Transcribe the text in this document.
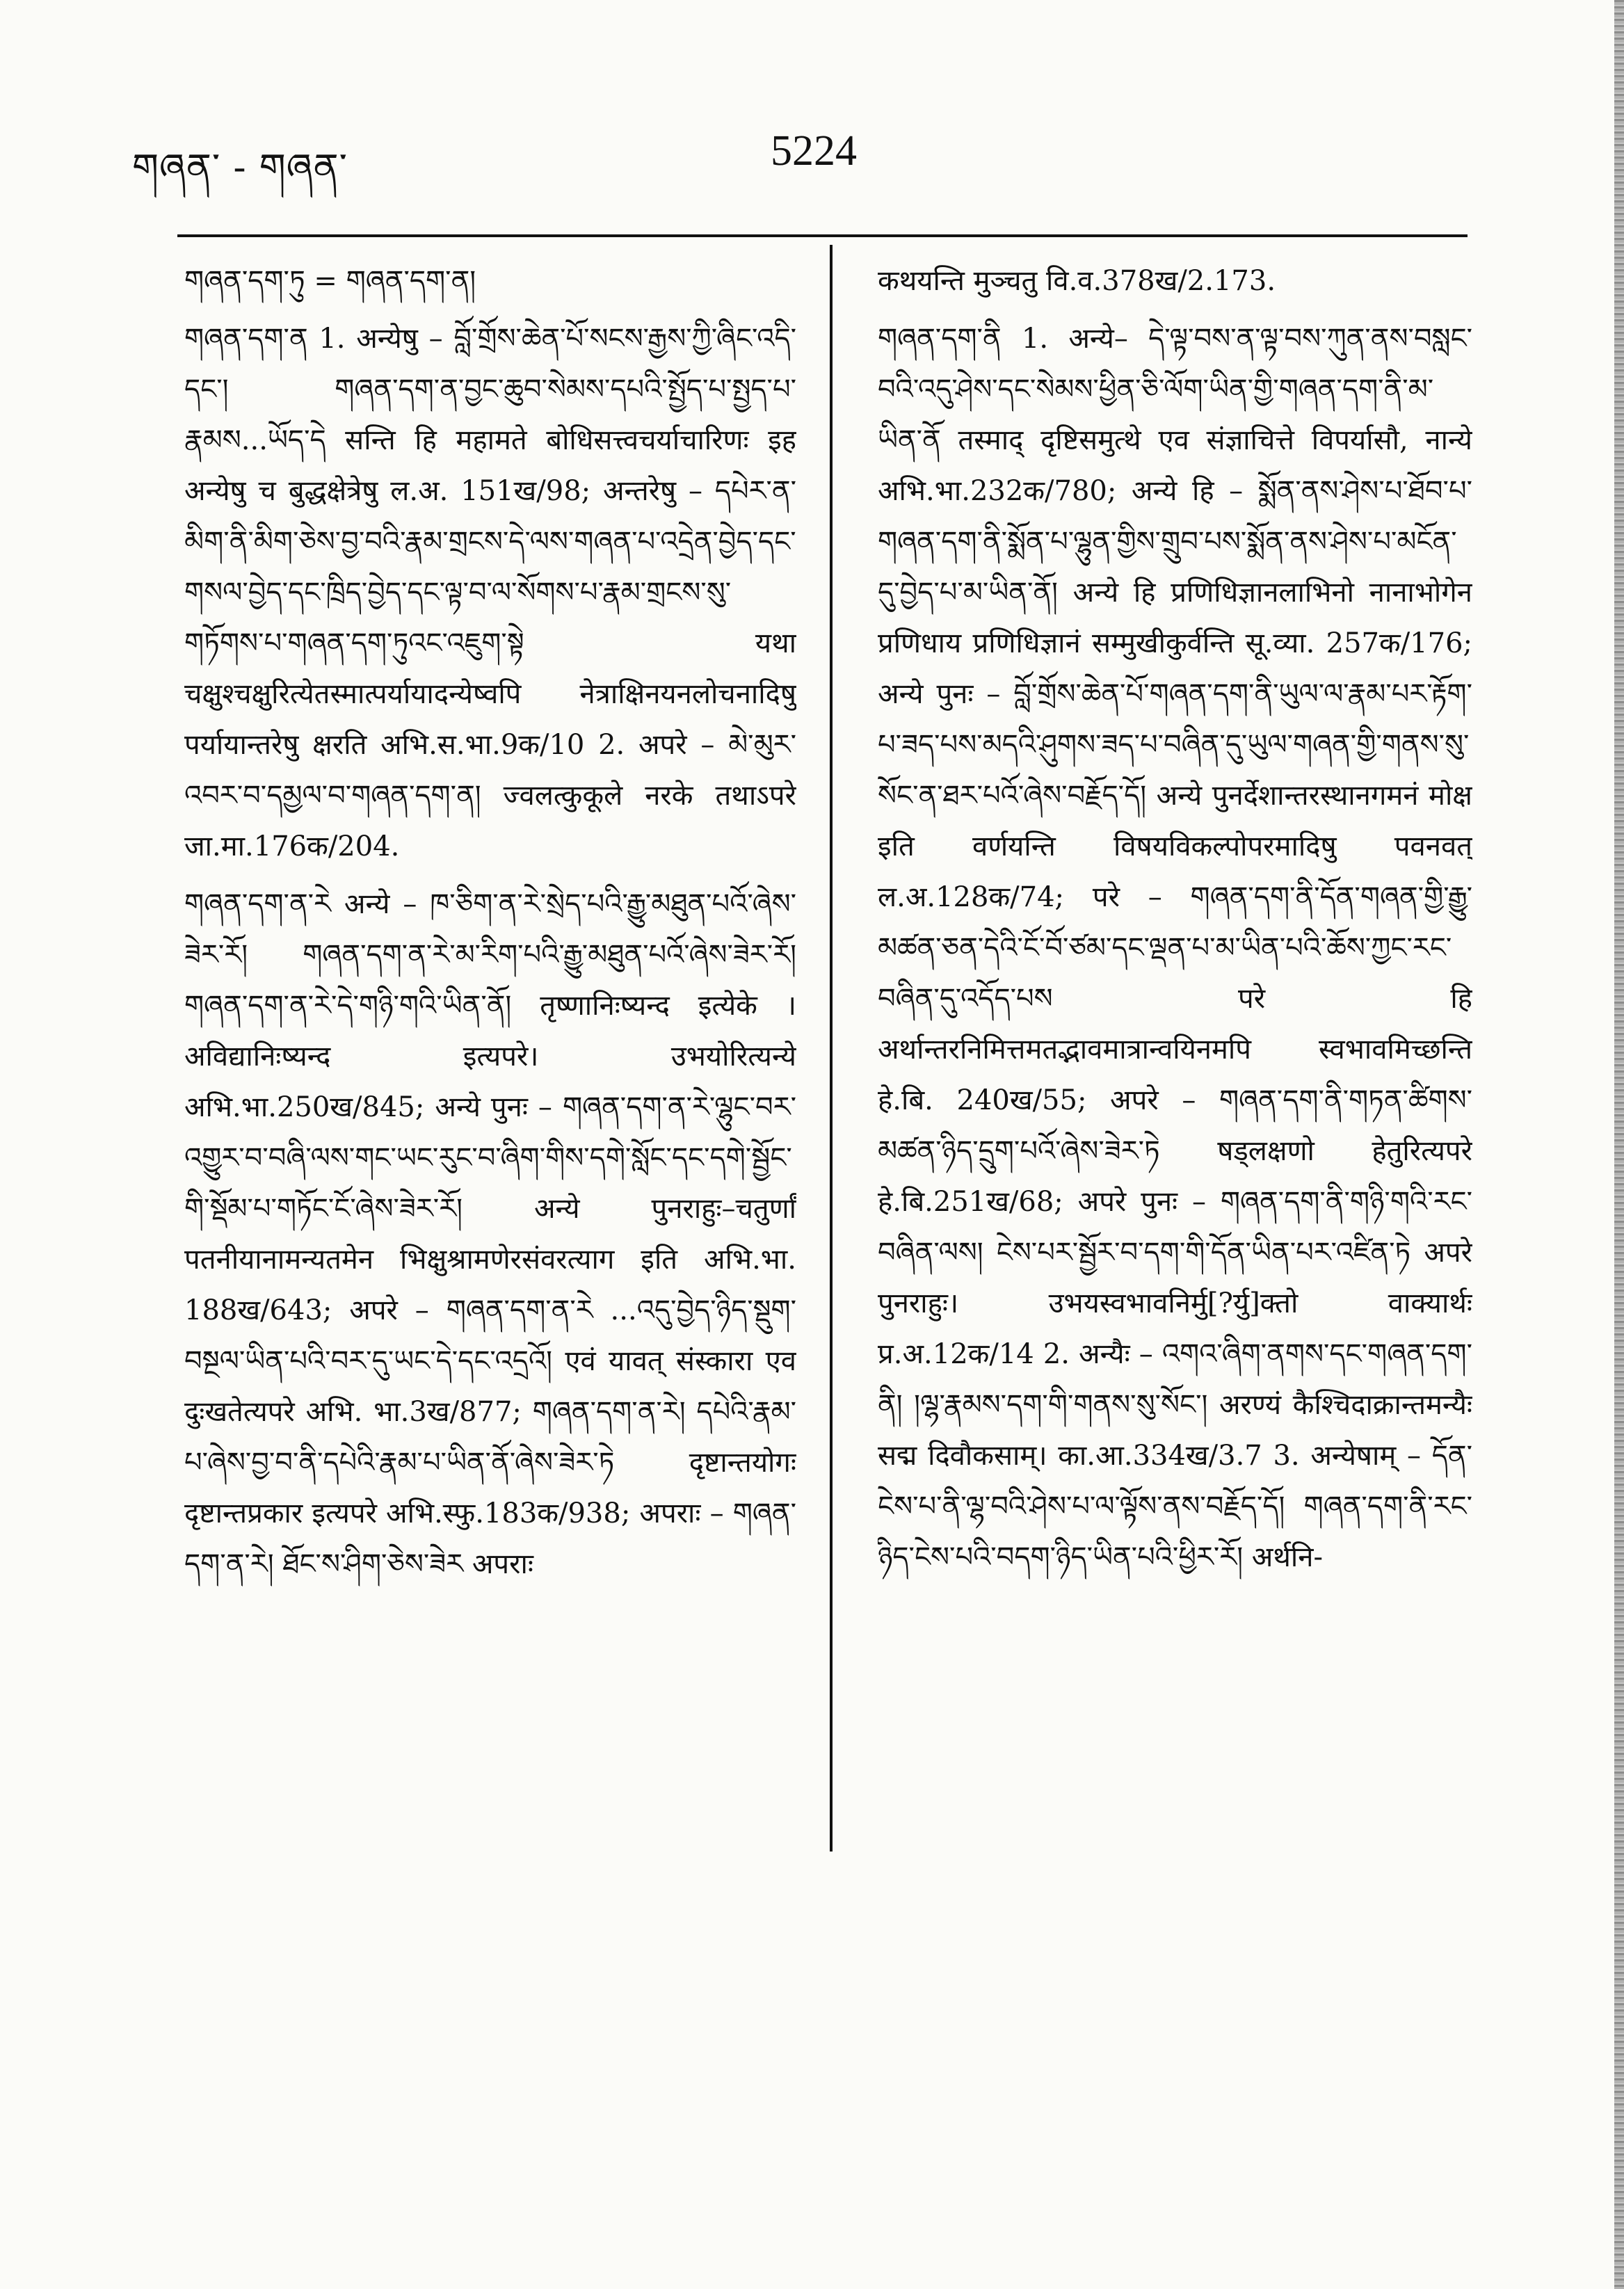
གཞན་ - གཞན་	5224

གཞན་དག་ཏུ = གཞན་དག་ན།

གཞན་དག་ན 1. अन्येषु – བློ་གྲོས་ཆེན་པོ་སངས་རྒྱས་ཀྱི་ཞིང་འདི་དང་། གཞན་དག་ན་བྱང་ཆུབ་སེམས་དཔའི་སྤྱོད་པ་སྤྱད་པ་རྣམས...ཡོད་དེ सन्ति हि महामते बोधिसत्त्वचर्याचारिणः इह अन्येषु च बुद्धक्षेत्रेषु ल.अ. 151ख/98; अन्तरेषु – དཔེར་ན་མིག་ནི་མིག་ཅེས་བྱ་བའི་རྣམ་གྲངས་དེ་ལས་གཞན་པ་འདྲེན་བྱེད་དང་གསལ་བྱེད་དང་ཁྲིད་བྱེད་དང་ལྟ་བ་ལ་སོགས་པ་རྣམ་གྲངས་སུ་གཏོགས་པ་གཞན་དག་ཏུའང་འཇུག་སྟེ यथा चक्षुश्चक्षुरित्येतस्मात्पर्यायादन्येष्वपि नेत्राक्षिनयनलोचनादिषु पर्यायान्तरेषु क्षरति अभि.स.भा.9क/10 2. अपरे – མེ་མུར་འབར་བ་དམྱལ་བ་གཞན་དག་ན། ज्वलत्कुकूले नरके तथाऽपरे जा.मा.176क/204.

གཞན་དག་ན་རེ अन्ये – ཁ་ཅིག་ན་རེ་སྲེད་པའི་རྒྱུ་མཐུན་པའོ་ཞེས་ཟེར་རོ། གཞན་དག་ན་རེ་མ་རིག་པའི་རྒྱུ་མཐུན་པའོ་ཞེས་ཟེར་རོ། གཞན་དག་ན་རེ་དེ་གཉི་གའི་ཡིན་ནོ། तृष्णानिःष्यन्द इत्येके । अविद्यानिःष्यन्द इत्यपरे। उभयोरित्यन्ये अभि.भा.250ख/845; अन्ये पुनः – གཞན་དག་ན་རེ་ལྷུང་བར་འགྱུར་བ་བཞི་ལས་གང་ཡང་རུང་བ་ཞིག་གིས་དགེ་སློང་དང་དགེ་སྦྱོང་གི་སྡོམ་པ་གཏོང་ངོ་ཞེས་ཟེར་རོ། अन्ये पुनराहुः–चतुर्णां पतनीयानामन्यतमेन भिक्षुश्रामणेरसंवरत्याग इति अभि.भा. 188ख/643; अपरे – གཞན་དག་ན་རེ ...འདུ་བྱེད་ཉིད་སྡུག་བསྔལ་ཡིན་པའི་བར་དུ་ཡང་དེ་དང་འདྲའོ། एवं यावत् संस्कारा एव दुःखतेत्यपरे अभि. भा.3ख/877; གཞན་དག་ན་རེ། དཔེའི་རྣམ་པ་ཞེས་བྱ་བ་ནི་དཔེའི་རྣམ་པ་ཡིན་ནོ་ཞེས་ཟེར་ཏེ दृष्टान्तयोगः दृष्टान्तप्रकार इत्यपरे अभि.स्फु.183क/938; अपराः – གཞན་དག་ན་རེ། ཐོང་ས་ཤིག་ཅེས་ཟེར अपराः

कथयन्ति मुञ्चतु वि.व.378ख/2.173.

གཞན་དག་ནི 1. अन्ये– དེ་ལྟ་བས་ན་ལྟ་བས་ཀུན་ནས་བསླང་བའི་འདུ་ཤེས་དང་སེམས་ཕྱིན་ཅི་ལོག་ཡིན་གྱི་གཞན་དག་ནི་མ་ཡིན་ནོ तस्माद् दृष्टिसमुत्थे एव संज्ञाचित्ते विपर्यासौ, नान्ये अभि.भा.232क/780; अन्ये हि – སྨོན་ནས་ཤེས་པ་ཐོབ་པ་གཞན་དག་ནི་སྨོན་པ་ལྷུན་གྱིས་གྲུབ་པས་སྨོན་ནས་ཤེས་པ་མངོན་དུ་བྱེད་པ་མ་ཡིན་ནོ། अन्ये हि प्रणिधिज्ञानलाभिनो नानाभोगेन प्रणिधाय प्रणिधिज्ञानं सम्मुखीकुर्वन्ति सू.व्या. 257क/176; अन्ये पुनः – བློ་གྲོས་ཆེན་པོ་གཞན་དག་ནི་ཡུལ་ལ་རྣམ་པར་རྟོག་པ་ཟད་པས་མདའི་ཤུགས་ཟད་པ་བཞིན་དུ་ཡུལ་གཞན་གྱི་གནས་སུ་སོང་ན་ཐར་པའོ་ཞེས་བརྗོད་དོ། अन्ये पुनर्देशान्तरस्थानगमनं मोक्ष इति वर्णयन्ति विषयविकल्पोपरमादिषु पवनवत् ल.अ.128क/74; परे – གཞན་དག་ནི་དོན་གཞན་གྱི་རྒྱུ་མཚན་ཅན་དེའི་ངོ་བོ་ཙམ་དང་ལྡན་པ་མ་ཡིན་པའི་ཆོས་ཀྱང་རང་བཞིན་དུ་འདོད་པས परे हि अर्थान्तरनिमित्तमतद्भावमात्रान्वयिनमपि स्वभावमिच्छन्ति हे.बि. 240ख/55; अपरे – གཞན་དག་ནི་གཏན་ཚིགས་མཚན་ཉིད་དྲུག་པའོ་ཞེས་ཟེར་ཏེ षड्लक्षणो हेतुरित्यपरे हे.बि.251ख/68; अपरे पुनः – གཞན་དག་ནི་གཉི་གའི་རང་བཞིན་ལས། ངེས་པར་སྦྱོར་བ་དག་གི་དོན་ཡིན་པར་འཛིན་ཏེ अपरे पुनराहुः। उभयस्वभावनिर्मु[?र्यु]क्तो वाक्यार्थः प्र.अ.12क/14 2. अन्यैः – འགའ་ཞིག་ནགས་དང་གཞན་དག་ནི། །ལྷ་རྣམས་དག་གི་གནས་སུ་སོང་། अरण्यं कैश्चिदाक्रान्तमन्यैः सद्म दिवौकसाम्। का.आ.334ख/3.7 3. अन्येषाम् – དོན་ངེས་པ་ནི་ལྷ་བའི་ཤེས་པ་ལ་ལྟོས་ནས་བརྗོད་དོ། གཞན་དག་ནི་རང་ཉིད་ངེས་པའི་བདག་ཉིད་ཡིན་པའི་ཕྱིར་རོ། अर्थनि-
